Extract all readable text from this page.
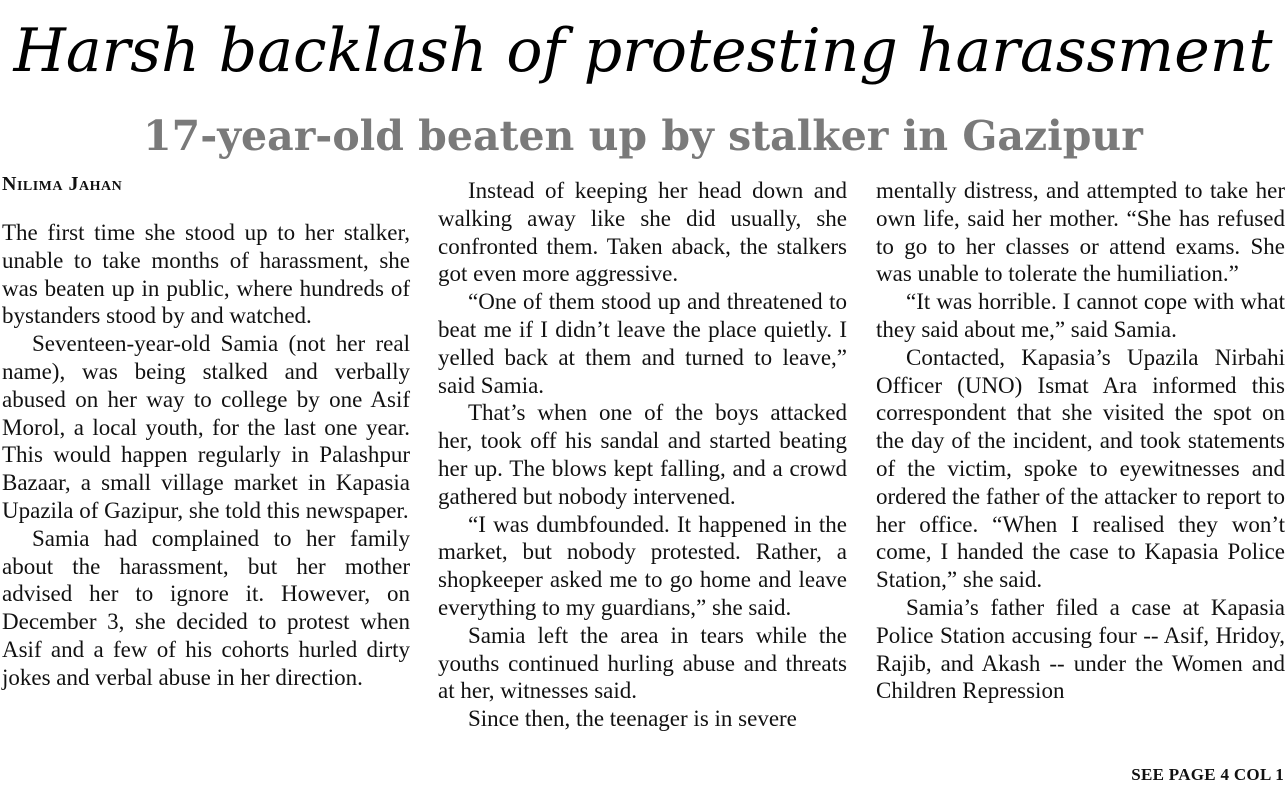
Harsh backlash of protesting harassment
17-year-old beaten up by stalker in Gazipur
Nilima Jahan

The first time she stood up to her stalker, unable to take months of harassment, she was beaten up in public, where hundreds of bystanders stood by and watched.

Seventeen-year-old Samia (not her real name), was being stalked and verbally abused on her way to college by one Asif Morol, a local youth, for the last one year. This would happen regularly in Palashpur Bazaar, a small village market in Kapasia Upazila of Gazipur, she told this newspaper.

Samia had complained to her family about the harassment, but her mother advised her to ignore it. However, on December 3, she decided to protest when Asif and a few of his cohorts hurled dirty jokes and verbal abuse in her direction.

Instead of keeping her head down and walking away like she did usually, she confronted them. Taken aback, the stalkers got even more aggressive.

“One of them stood up and threatened to beat me if I didn’t leave the place quietly. I yelled back at them and turned to leave,” said Samia.

That’s when one of the boys attacked her, took off his sandal and started beating her up. The blows kept falling, and a crowd gathered but nobody intervened.

“I was dumbfounded. It happened in the market, but nobody protested. Rather, a shopkeeper asked me to go home and leave everything to my guardians,” she said.

Samia left the area in tears while the youths continued hurling abuse and threats at her, witnesses said.

Since then, the teenager is in severe

mentally distress, and attempted to take her own life, said her mother. “She has refused to go to her classes or attend exams. She was unable to tolerate the humiliation.”

“It was horrible. I cannot cope with what they said about me,” said Samia.

Contacted, Kapasia’s Upazila Nirbahi Officer (UNO) Ismat Ara informed this correspondent that she visited the spot on the day of the incident, and took statements of the victim, spoke to eyewitnesses and ordered the father of the attacker to report to her office. “When I realised they won’t come, I handed the case to Kapasia Police Station,” she said.

Samia’s father filed a case at Kapasia Police Station accusing four -- Asif, Hridoy, Rajib, and Akash -- under the Women and Children Repression

SEE PAGE 4 COL 1
